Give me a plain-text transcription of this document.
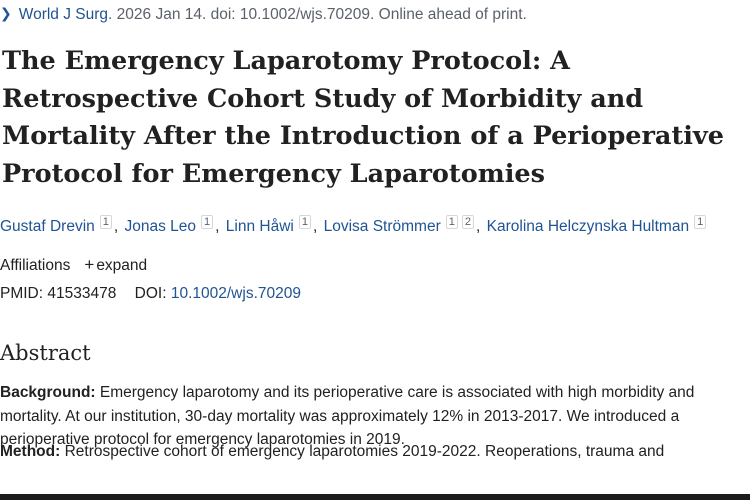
❯ World J Surg. 2026 Jan 14. doi: 10.1002/wjs.70209. Online ahead of print.
The Emergency Laparotomy Protocol: A Retrospective Cohort Study of Morbidity and Mortality After the Introduction of a Perioperative Protocol for Emergency Laparotomies
Gustaf Drevin 1 , Jonas Leo 1 , Linn Håwi 1 , Lovisa Strömmer 1 2 , Karolina Helczynska Hultman 1
Affiliations + expand
PMID: 41533478 DOI: 10.1002/wjs.70209
Abstract

Background: Emergency laparotomy and its perioperative care is associated with high morbidity and mortality. At our institution, 30-day mortality was approximately 12% in 2013-2017. We introduced a perioperative protocol for emergency laparotomies in 2019.

Method: Retrospective cohort of emergency laparotomies 2019-2022. Reoperations, trauma and
